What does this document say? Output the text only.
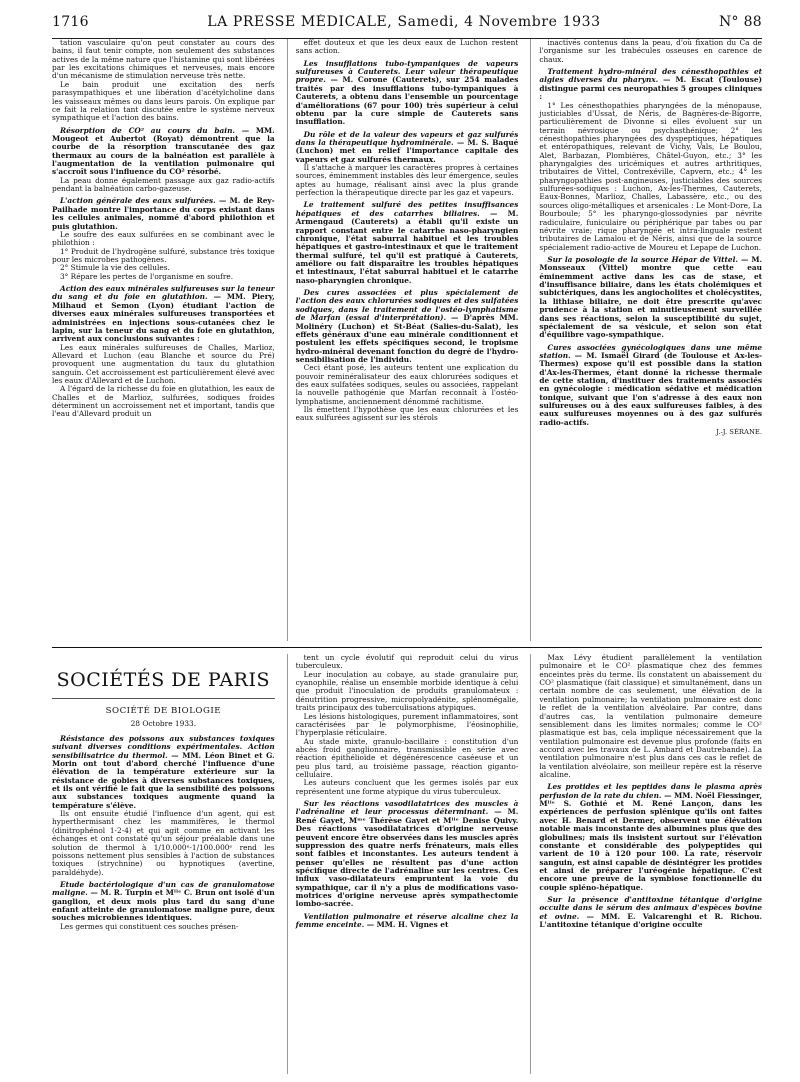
1716	LA PRESSE MÉDICALE, Samedi, 4 Novembre 1933	N° 88

tation vasculaire qu'on peut constater au cours des bains, il faut tenir compte, non seulement des substances actives de la même nature que l'histamine qui sont libérées par les excitations chimiques et nerveuses, mais encore d'un mécanisme de stimulation nerveuse très nette.

Le bain produit une excitation des nerfs parasympathiques et une libération d'acétylcholine dans les vaisseaux mêmes ou dans leurs parois. On explique par ce fait la relation tant discutée entre le système nerveux sympathique et l'action des bains.

Résorption de CO² au cours du bain. — MM. Mougeot et Aubertot (Royat) démontrent que la courbe de la résorption transcutanée des gaz thermaux au cours de la balnéation est parallèle à l'augmentation de la ventilation pulmonaire qui s'accroît sous l'influence du CO² résorbé.

La peau donne également passage aux gaz radio-actifs pendant la balnéation carbo-gazeuse.

L'action générale des eaux sulfurées. — M. de Rey-Pailhade montre l'importance du corps existant dans les cellules animales, nommé d'abord philothion et puis glutathion.

Le soufre des eaux sulfurées en se combinant avec le philothion :

1° Produit de l'hydrogène sulfuré, substance très toxique pour les microbes pathogènes.

2° Stimule la vie des cellules.

3° Répare les pertes de l'organisme en soufre.

Action des eaux minérales sulfureuses sur la teneur du sang et du foie en glutathion. — MM. Piery, Milhaud et Semon (Lyon) étudiant l'action de diverses eaux minérales sulfureuses transportées et administrées en injections sous-cutanées chez le lapin, sur la teneur du sang et du foie en glutathion, arrivent aux conclusions suivantes :

Les eaux minérales sulfureuses de Challes, Marlioz, Allevard et Luchon (eau Blanche et source du Pré) provoquent une augmentation du taux du glutathion sanguin. Cet accroissement est particulièrement élevé avec les eaux d'Allevard et de Luchon.

A l'égard de la richesse du foie en glutathion, les eaux de Challes et de Marlioz, sulfurées, sodiques froides déterminent un accroissement net et important, tandis que l'eau d'Allevard produit un

effet douteux et que les deux eaux de Luchon restent sans action.

Les insufflations tubo-tympaniques de vapeurs sulfureuses à Cauterets. Leur valeur thérapeutique propre. — M. Corone (Cauterets), sur 254 malades traités par des insufflations tubo-tympaniques à Cauterets, a obtenu dans l'ensemble un pourcentage d'améliorations (67 pour 100) très supérieur à celui obtenu par la cure simple de Cauterets sans insufflation.

Du rôle et de la valeur des vapeurs et gaz sulfurés dans la thérapeutique hydrominérale. — M. S. Baqué (Luchon) met en relief l'importance capitale des vapeurs et gaz sulfurés thermaux.

Il s'attache à marquer les caractères propres à certaines sources, éminemment instables dès leur émergence, seules aptes au humage, réalisant ainsi avec la plus grande perfection la thérapeutique directe par les gaz et vapeurs.

Le traitement sulfuré des petites insuffisances hépatiques et des catarrhes biliaires. — M. Armengaud (Cauterets) a établi qu'il existe un rapport constant entre le catarrhe naso-pharyngien chronique, l'état saburral habituel et les troubles hépatiques et gastro-intestinaux et que le traitement thermal sulfuré, tel qu'il est pratiqué à Cauterets, améliore ou fait disparaître les troubles hépatiques et intestinaux, l'état saburral habituel et le catarrhe naso-pharyngien chronique.

Des cures associées et plus spécialement de l'action des eaux chlorurées sodiques et des sulfatées sodiques, dans le traitement de l'ostéo-lymphatisme de Marfan (essai d'interprétation). — D'après MM. Molinéry (Luchon) et St-Béat (Salies-du-Salat), les effets généraux d'une eau minérale conditionnent et postulent les effets spécifiques second, le tropisme hydro-minéral devenant fonction du degré de l'hydro-sensibilisation de l'individu.

Ceci étant posé, les auteurs tentent une explication du pouvoir reminéralisateur des eaux chlorurées sodiques et des eaux sulfatées sodiques, seules ou associées, rappelant la nouvelle pathogénie que Marfan reconnaît à l'ostéo-lymphatisme, anciennement dénommé rachitisme.

Ils émettent l'hypothèse que les eaux chlorurées et les eaux sulfurées agissent sur les stérols

inactivés contenus dans la peau, d'où fixation du Ca de l'organisme sur les trabécules osseuses en carence de chaux.

Traitement hydro-minéral des cénesthopathies et algies diverses du pharynx. — M. Escat (Toulouse) distingue parmi ces neuropathies 5 groupes cliniques :

1° Les cénesthopathies pharyngées de la ménopause, justiciables d'Ussat, de Néris, de Bagnères-de-Bigorre, particulièrement de Divonne si elles évoluent sur un terrain névrosique ou psychasthénique; 2° les cénesthopathies pharyngées des dyspeptiques, hépatiques et entéropathiques, relevant de Vichy, Vals, Le Boulou, Alet, Barbazan, Plombières, Châtel-Guyon, etc.; 3° les pharyngalgies des uricémiques et autres arthritiques, tributaires de Vittel, Contrexéville, Capvern, etc.; 4° les pharyngopathies post-angineuses, justiciables des sources sulfurées-sodiques : Luchon, Ax-les-Thermes, Cauterets, Eaux-Bonnes, Marlioz, Challes, Labassère, etc., ou des sources oligo-métalliques et arsenicales : Le Mont-Dore, La Bourboule; 5° les pharyngo-glossodynies par névrite radiculaire, funiculaire ou périphérique par tabes ou par névrite vraie; rique pharyngée et intra-linguale restent tributaires de Lamalou et de Néris, ainsi que de la source spécialement radio-active de Moureu et Lepape de Luchon.

Sur la posologie de la source Hépar de Vittel. — M. Monsseaux (Vittel) montre que cette eau éminemment active dans les cas de stase, et d'insuffisance biliaire, dans les états cholémiques et subictériques, dans les angiocholites et cholécystites, la lithiase biliaire, ne doit être prescrite qu'avec prudence à la station et minutieusement surveillée dans ses réactions, selon la susceptibilité du sujet, spécialement de sa vésicule, et selon son état d'équilibre vago-sympathique.

Cures associées gynécologiques dans une même station. — M. Ismaël Girard (de Toulouse et Ax-les-Thermes) expose qu'il est possible dans la station d'Ax-les-Thermes, étant donné la richesse thermale de cette station, d'instituer des traitements associés en gynécologie : médication sédative et médication tonique, suivant que l'on s'adresse à des eaux non sulfureuses ou à des eaux sulfureuses faibles, à des eaux sulfureuses moyennes ou à des gaz sulfurés radio-actifs.

J.-J. SÉRANE.

SOCIÉTÉS DE PARIS
SOCIÉTÉ DE BIOLOGIE
28 Octobre 1933.

Résistance des poissons aux substances toxiques suivant diverses conditions expérimentales. Action sensibilisatrice du thermol. — MM. Léon Binet et G. Morin ont tout d'abord cherché l'influence d'une élévation de la température extérieure sur la résistance de gobies à diverses substances toxiques, et ils ont vérifié le fait que la sensibilité des poissons aux substances toxiques augmente quand la température s'élève.

Ils ont ensuite étudié l'influence d'un agent, qui est hyperthermisant chez les mammifères, le thermol (dinitrophénol 1-2-4) et qui agit comme en activant les échanges et ont constaté qu'un séjour préalable dans une solution de thermol à 1/10.000ᵉ-1/100.000ᵉ rend les poissons nettement plus sensibles à l'action de substances toxiques (strychnine) ou hypnotiques (avertine, paraldéhyde).

Etude bactériologique d'un cas de granulomatose maligne. — M. R. Turpin et Mˡˡᵉ C. Brun ont isolé d'un ganglion, et deux mois plus tard du sang d'une enfant atteinte de granulomatose maligne pure, deux souches microbiennes identiques.

Les germes qui constituent ces souches présen-

tent un cycle évolutif qui reproduit celui du virus tuberculeux.

Leur inoculation au cobaye, au stade granulaire pur, cyanophile, réalise un ensemble morbide identique à celui que produit l'inoculation de produits granulomateux : dénutrition progressive, micropolyadénite, splénomégalie, traits principaux des tuberculisations atypiques.

Les lésions histologiques, purement inflammatoires, sont caractérisées par le polymorphisme, l'éosinophilie, l'hyperplasie réticulaire.

Au stade mixte, granulo-bacillaire : constitution d'un abcès froid ganglionnaire, transmissible en série avec réaction épithélioïde et dégénérescence caséeuse et un peu plus tard, au troisième passage, réaction giganto-cellulaire.

Les auteurs concluent que les germes isolés par eux représentent une forme atypique du virus tuberculeux.

Sur les réactions vasodilatatrices des muscles à l'adrénaline et leur processus déterminant. — M. René Gayet, Mᵐᵉ Thérèse Gayet et Mˡˡᵉ Denise Quivy. Des réactions vasodilatatrices d'origine nerveuse peuvent encore être observées dans les muscles après suppression des quatre nerfs frénateurs, mais elles sont faibles et inconstantes. Les auteurs tendent à penser qu'elles ne résultent pas d'une action spécifique directe de l'adrénaline sur les centres. Ces influx vaso-dilatateurs empruntent la voie du sympathique, car il n'y a plus de modifications vaso-motrices d'origine nerveuse après sympathectomie lombo-sacrée.

Ventilation pulmonaire et réserve alcaline chez la femme enceinte. — MM. H. Vignes et

Max Lévy étudient parallèlement la ventilation pulmonaire et le CO² plasmatique chez des femmes enceintes près du terme. Ils constatent un abaissement du CO² plasmatique (fait classique) et simultanément, dans un certain nombre de cas seulement, une élévation de la ventilation pulmonaire; la ventilation pulmonaire est donc le reflet de la ventilation alvéolaire. Par contre, dans d'autres cas, la ventilation pulmonaire demeure sensiblement dans les limites normales; comme le CO² plasmatique est bas, cela implique nécessairement que la ventilation pulmonaire est devenue plus profonde (faits en accord avec les travaux de L. Ambard et Dautrebande). La ventilation pulmonaire n'est plus dans ces cas le reflet de la ventilation alvéolaire, son meilleur repère est la réserve alcaline.

Les protides et les peptides dans le plasma après perfusion de la rate du chien. — MM. Noël Fiessinger, Mˡˡᵉ S. Gothié et M. René Lançon, dans les expériences de perfusion splénique qu'ils ont faites avec H. Benard et Dermer, observent une élévation notable mais inconstante des albumines plus que des globulines; mais ils insistent surtout sur l'élévation constante et considérable des polypeptides qui varient de 10 à 120 pour 100. La rate, réservoir sanguin, est ainsi capable de désintégrer les protides et ainsi de préparer l'uréogénie hépatique. C'est encore une preuve de la symbiose fonctionnelle du couple spléno-hépatique.

Sur la présence d'antitoxine tétanique d'origine occulte dans le sérum des animaux d'espèces bovine et ovine. — MM. E. Valcarenghi et R. Richou. L'antitoxine tétanique d'origine occulte
